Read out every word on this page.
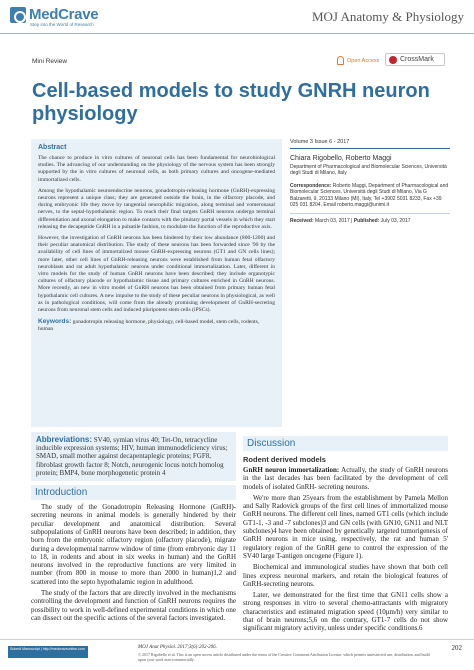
MedCrave
Step into the World of Research
MOJ Anatomy & Physiology
Mini Review	Open Access	CrossMark
Cell-based models to study GNRH neuron physiology
Abstract

The chance to produce in vitro cultures of neuronal cells has been fundamental for neurobiological studies. The advancing of our understanding on the physiology of the nervous system has been strongly supported by the in vitro cultures of neuronal cells, as both primary cultures and oncogene-mediated immortalized cells.

Among the hypothalamic neuroendocrine neurons, gonadotropin-releasing hormone (GnRH)-expressing neurons represent a unique class; they are generated outside the brain, in the olfactory placode, and during embryonic life they move by tangential neurophilic migration, along terminal and vomeronasal nerves, to the septal-hypothalamic region. To reach their final targets GnRH neurons undergo terminal differentiation and axonal elongation to make contacts with the pituitary portal vessels in which they start releasing the decapeptide GnRH in a pulsatile fashion, to modulate the function of the reproductive axis.

However, the investigation of GnRH neurons has been hindered by their low abundance (800-1200) and their peculiar anatomical distribution. The study of these neurons has been forwarded since '90 by the availability of cell lines of immortalized mouse GnRH-expressing neurons (GT1 and GN cells lines); more later, other cell lines of GnRH-releasing neurons were established from human fetal olfactory neuroblasts and rat adult hypothalamic neurons under conditional immortalization. Later, different in vitro models for the study of human GnRH neurons have been described; they include organotypic cultures of olfactory placode or hypothalamic tissue and primary cultures enriched in GnRH neurons. More recently, an new in vitro model of GnRH neurons has been obtained from primary human fetal hypothalamic cell cultures. A new impulse to the study of these peculiar neurons in physiological, as well as in pathological conditions, will come from the already promising development of GnRH-secreting neurons from neuronal stem cells and induced pluripotent stem cells (iPSCs).

Keywords: gonadotropin releasing hormone, physiology, cell-based model, stem cells, rodents, human
Volume 3 Issue 6 - 2017
Chiara Rigobello, Roberto Maggi
Department of Pharmacological and Biomolecular Sciences, Università degli Studi di Milano, Italy
Correspondence: Roberto Maggi, Department of Pharmacological and Biomolecular Sciences, Università degli Studi di Milano, Via G Balzaretti, 9, 20133 Milano (MI), Italy, Tel +3902 5031 8233, Fax +39 025 031 8204, Email roberto.maggi@unimi.it
Received: March 03, 2017 | Published: July 03, 2017
Abbreviations: SV40, symian virus 40; Tet-On, tetracycline inducible expression systems; HIV, human immunodeficiency virus; SMAD, small mother against decapentaplegic proteins; FGF8, fibroblast growth factor 8; Notch, neurogenic locus notch homolog protein; BMP4, bone morphogenetic protein 4
Introduction

The study of the Gonadotropin Releasing Hormone (GnRH)-secreting neurons in animal models is generally hindered by their peculiar development and anatomical distribution. Several subpopulations of GnRH neurons have been described; in addition, they born from the embryonic olfactory region (olfactory placode), migrate during a developmental narrow window of time (from embryonic day 11 to 18, in rodents and about in six weeks in human) and the GnRH neurons involved in the reproductive functions are very limited in number (from 800 in mouse to more than 2000 in human)1,2 and scattered into the septo hypothalamic region in adulthood.

The study of the factors that are directly involved in the mechanisms controlling the development and function of GnRH neurons requires the possibility to work in well-defined experimental conditions in which one can dissect out the specific actions of the several factors investigated.

Discussion
Rodent derived models

GnRH neuron immortalization: Actually, the study of GnRH neurons in the last decades has been facilitated by the development of cell models of isolated GnRH- secreting neurons.

We're more than 25years from the establishment by Pamela Mellon and Sally Radovick groups of the first cell lines of immortalized mouse GnRH neurons. The different cell lines, named GT1 cells (which include GT1-1, -3 and -7 subclones)3 and GN cells (with GN10, GN11 and NLT subclones)4 have been obtained by genetically targeted tumorigenesis of GnRH neurons in mice using, respectively, the rat and human 5' regulatory region of the GnRH gene to control the expression of the SV40 large T-antigen oncogene (Figure 1).

Biochemical and immunological studies have shown that both cell lines express neuronal markers, and retain the biological features of GnRH-secreting neurons.

Later, we demonstrated for the first time that GN11 cells show a strong responses in vitro to several chemo-attractants with migratory characteristics and estimated migration speed (10μm/h) very similar to that of brain neurons;5,6 on the contrary, GT1-7 cells do not show significant migratory activity, unless under specific conditions.6

Submit Manuscript | http://medcraveonline.com	MOJ Anat Physiol. 2017;3(6):202-206.
© 2017 Rigobello et al. This is an open access article distributed under the terms of the Creative Commons Attribution License, which permits unrestricted use, distribution, and build upon your work non-commercially.
202
